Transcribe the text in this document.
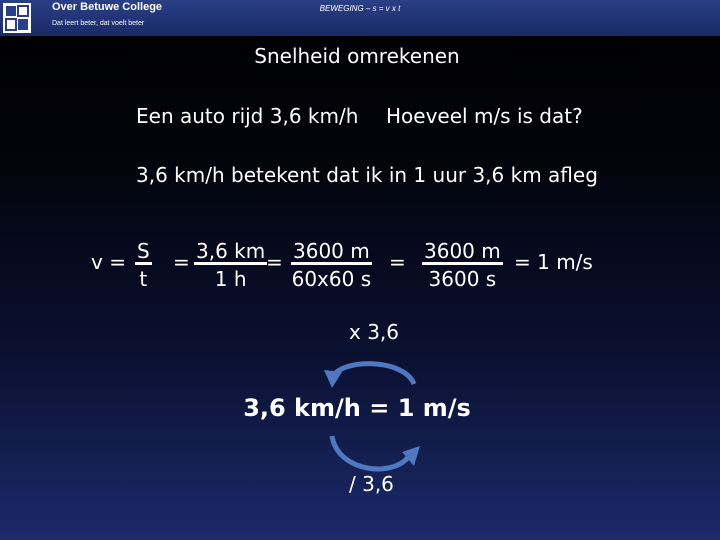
Over Betuwe College
Dat leert beter, dat voelt beter
BEWEGING – s = v x t
Snelheid omrekenen
Een auto rijd 3,6 km/h Hoeveel m/s is dat?
3,6 km/h betekent dat ik in 1 uur 3,6 km afleg
$v = \frac{S}{t} = \frac{3,6 km}{1 h}$
= $\frac{3600 m}{60x60 s} = \frac{3600 m}{3600 s} = 1$ m/s
x 3,6
3,6 km/h = 1 m/s
/ 3,6
